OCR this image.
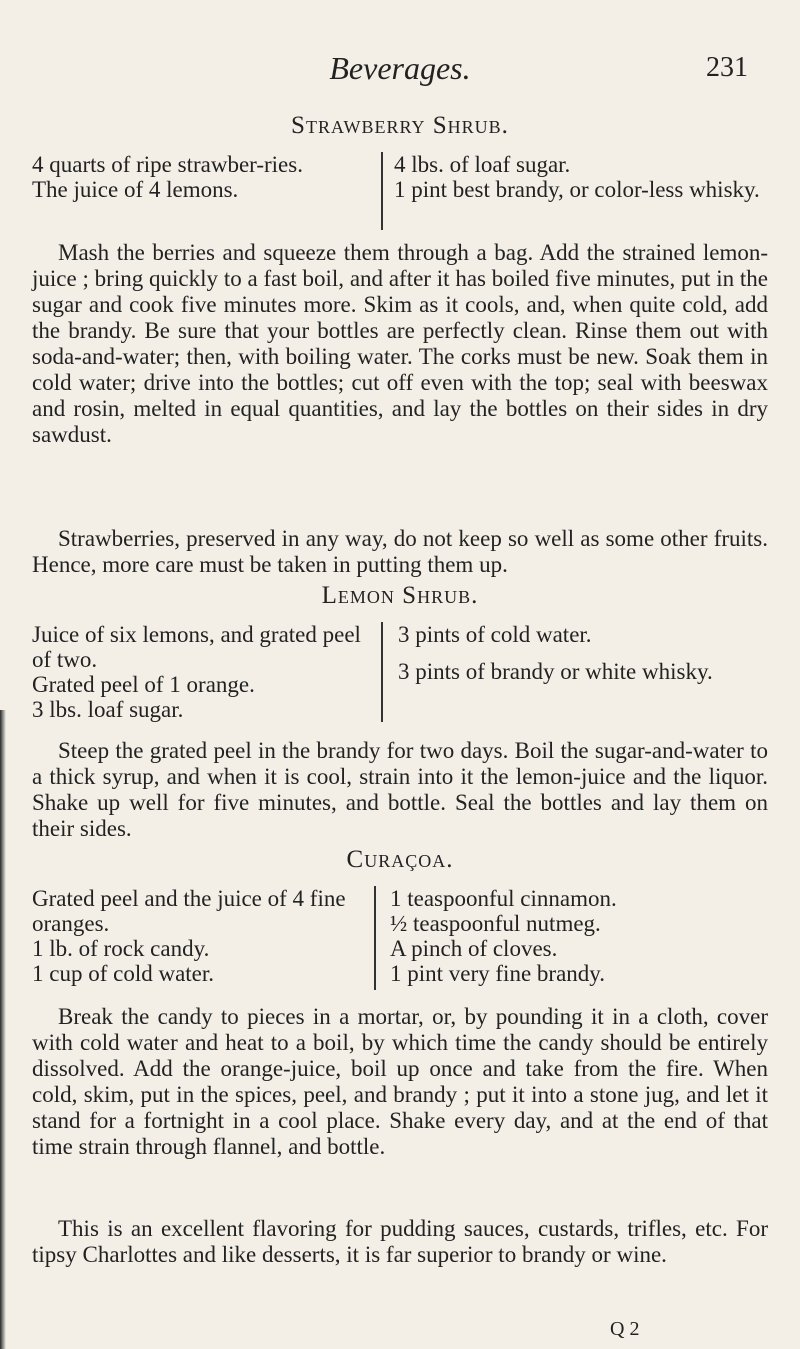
Beverages.	231
Strawberry Shrub.
4 quarts of ripe strawber-ries.
The juice of 4 lemons.
4 lbs. of loaf sugar.
1 pint best brandy, or color-less whisky.

Mash the berries and squeeze them through a bag. Add the strained lemon-juice ; bring quickly to a fast boil, and after it has boiled five minutes, put in the sugar and cook five minutes more. Skim as it cools, and, when quite cold, add the brandy. Be sure that your bottles are perfectly clean. Rinse them out with soda-and-water; then, with boiling water. The corks must be new. Soak them in cold water; drive into the bottles; cut off even with the top; seal with beeswax and rosin, melted in equal quantities, and lay the bottles on their sides in dry sawdust.

Strawberries, preserved in any way, do not keep so well as some other fruits. Hence, more care must be taken in putting them up.

Lemon Shrub.
Juice of six lemons, and grated peel of two.
Grated peel of 1 orange.
3 lbs. loaf sugar.
3 pints of cold water.
3 pints of brandy or white whisky.

Steep the grated peel in the brandy for two days. Boil the sugar-and-water to a thick syrup, and when it is cool, strain into it the lemon-juice and the liquor. Shake up well for five minutes, and bottle. Seal the bottles and lay them on their sides.

Curaçoa.
Grated peel and the juice of 4 fine oranges.
1 lb. of rock candy.
1 cup of cold water.
1 teaspoonful cinnamon.
½ teaspoonful nutmeg.
A pinch of cloves.
1 pint very fine brandy.

Break the candy to pieces in a mortar, or, by pounding it in a cloth, cover with cold water and heat to a boil, by which time the candy should be entirely dissolved. Add the orange-juice, boil up once and take from the fire. When cold, skim, put in the spices, peel, and brandy ; put it into a stone jug, and let it stand for a fortnight in a cool place. Shake every day, and at the end of that time strain through flannel, and bottle.

This is an excellent flavoring for pudding sauces, custards, trifles, etc. For tipsy Charlottes and like desserts, it is far superior to brandy or wine.

Q 2
